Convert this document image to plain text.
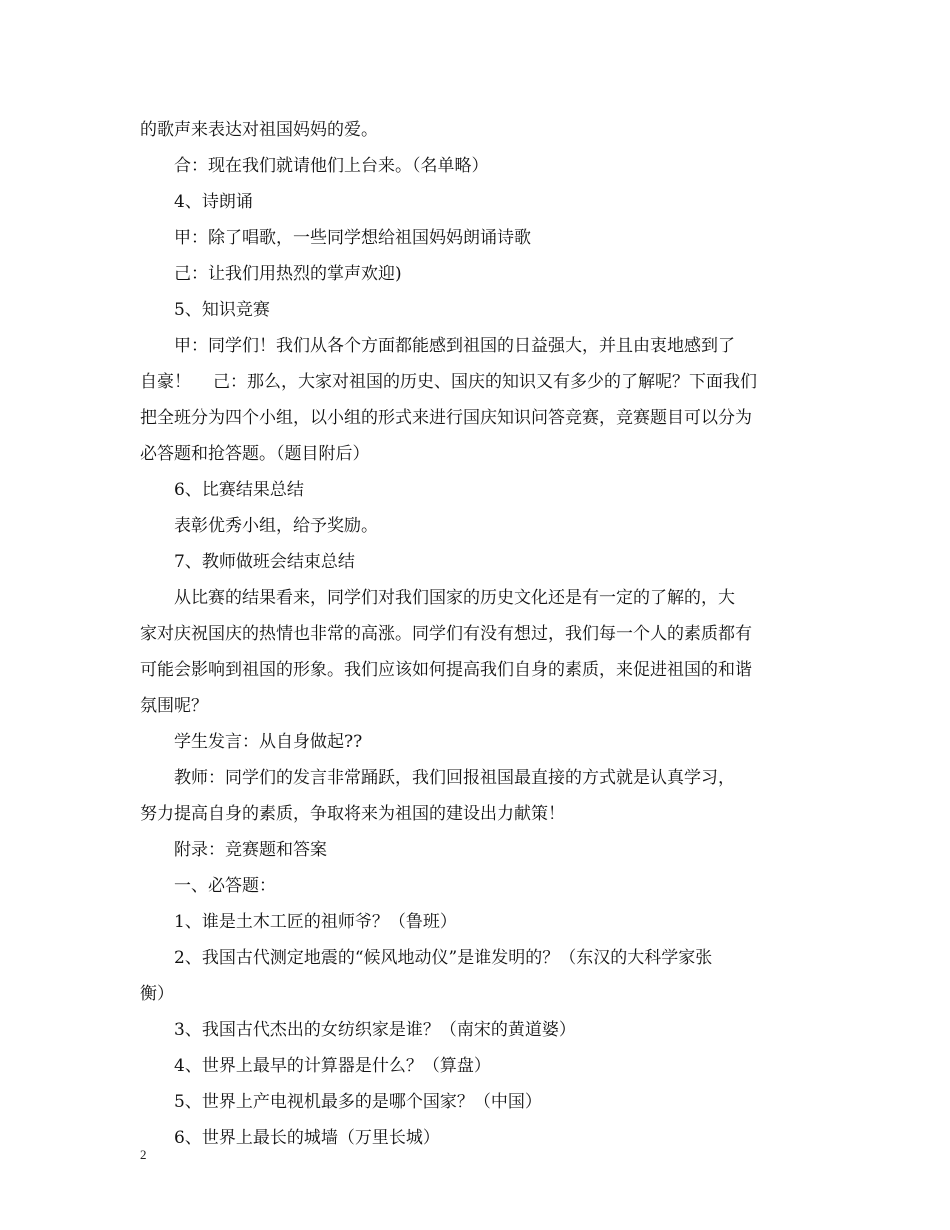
的歌声来表达对祖国妈妈的爱。
合：现在我们就请他们上台来。（名单略）
4、诗朗诵
甲：除了唱歌，一些同学想给祖国妈妈朗诵诗歌
己：让我们用热烈的掌声欢迎)
5、知识竞赛
甲：同学们！我们从各个方面都能感到祖国的日益强大，并且由衷地感到了
自豪！ 己：那么，大家对祖国的历史、国庆的知识又有多少的了解呢？下面我们
把全班分为四个小组，以小组的形式来进行国庆知识问答竞赛，竞赛题目可以分为
必答题和抢答题。（题目附后）
6、比赛结果总结
表彰优秀小组，给予奖励。
7、教师做班会结束总结
从比赛的结果看来，同学们对我们国家的历史文化还是有一定的了解的，大
家对庆祝国庆的热情也非常的高涨。同学们有没有想过，我们每一个人的素质都有
可能会影响到祖国的形象。我们应该如何提高我们自身的素质，来促进祖国的和谐
氛围呢？
学生发言：从自身做起??
教师：同学们的发言非常踊跃，我们回报祖国最直接的方式就是认真学习，
努力提高自身的素质，争取将来为祖国的建设出力献策！
附录：竞赛题和答案
一、必答题：
1、谁是土木工匠的祖师爷？（鲁班）
2、我国古代测定地震的“候风地动仪”是谁发明的？（东汉的大科学家张
衡）
3、我国古代杰出的女纺织家是谁？（南宋的黄道婆）
4、世界上最早的计算器是什么？（算盘）
5、世界上产电视机最多的是哪个国家？（中国）
6、世界上最长的城墙（万里长城）
2
